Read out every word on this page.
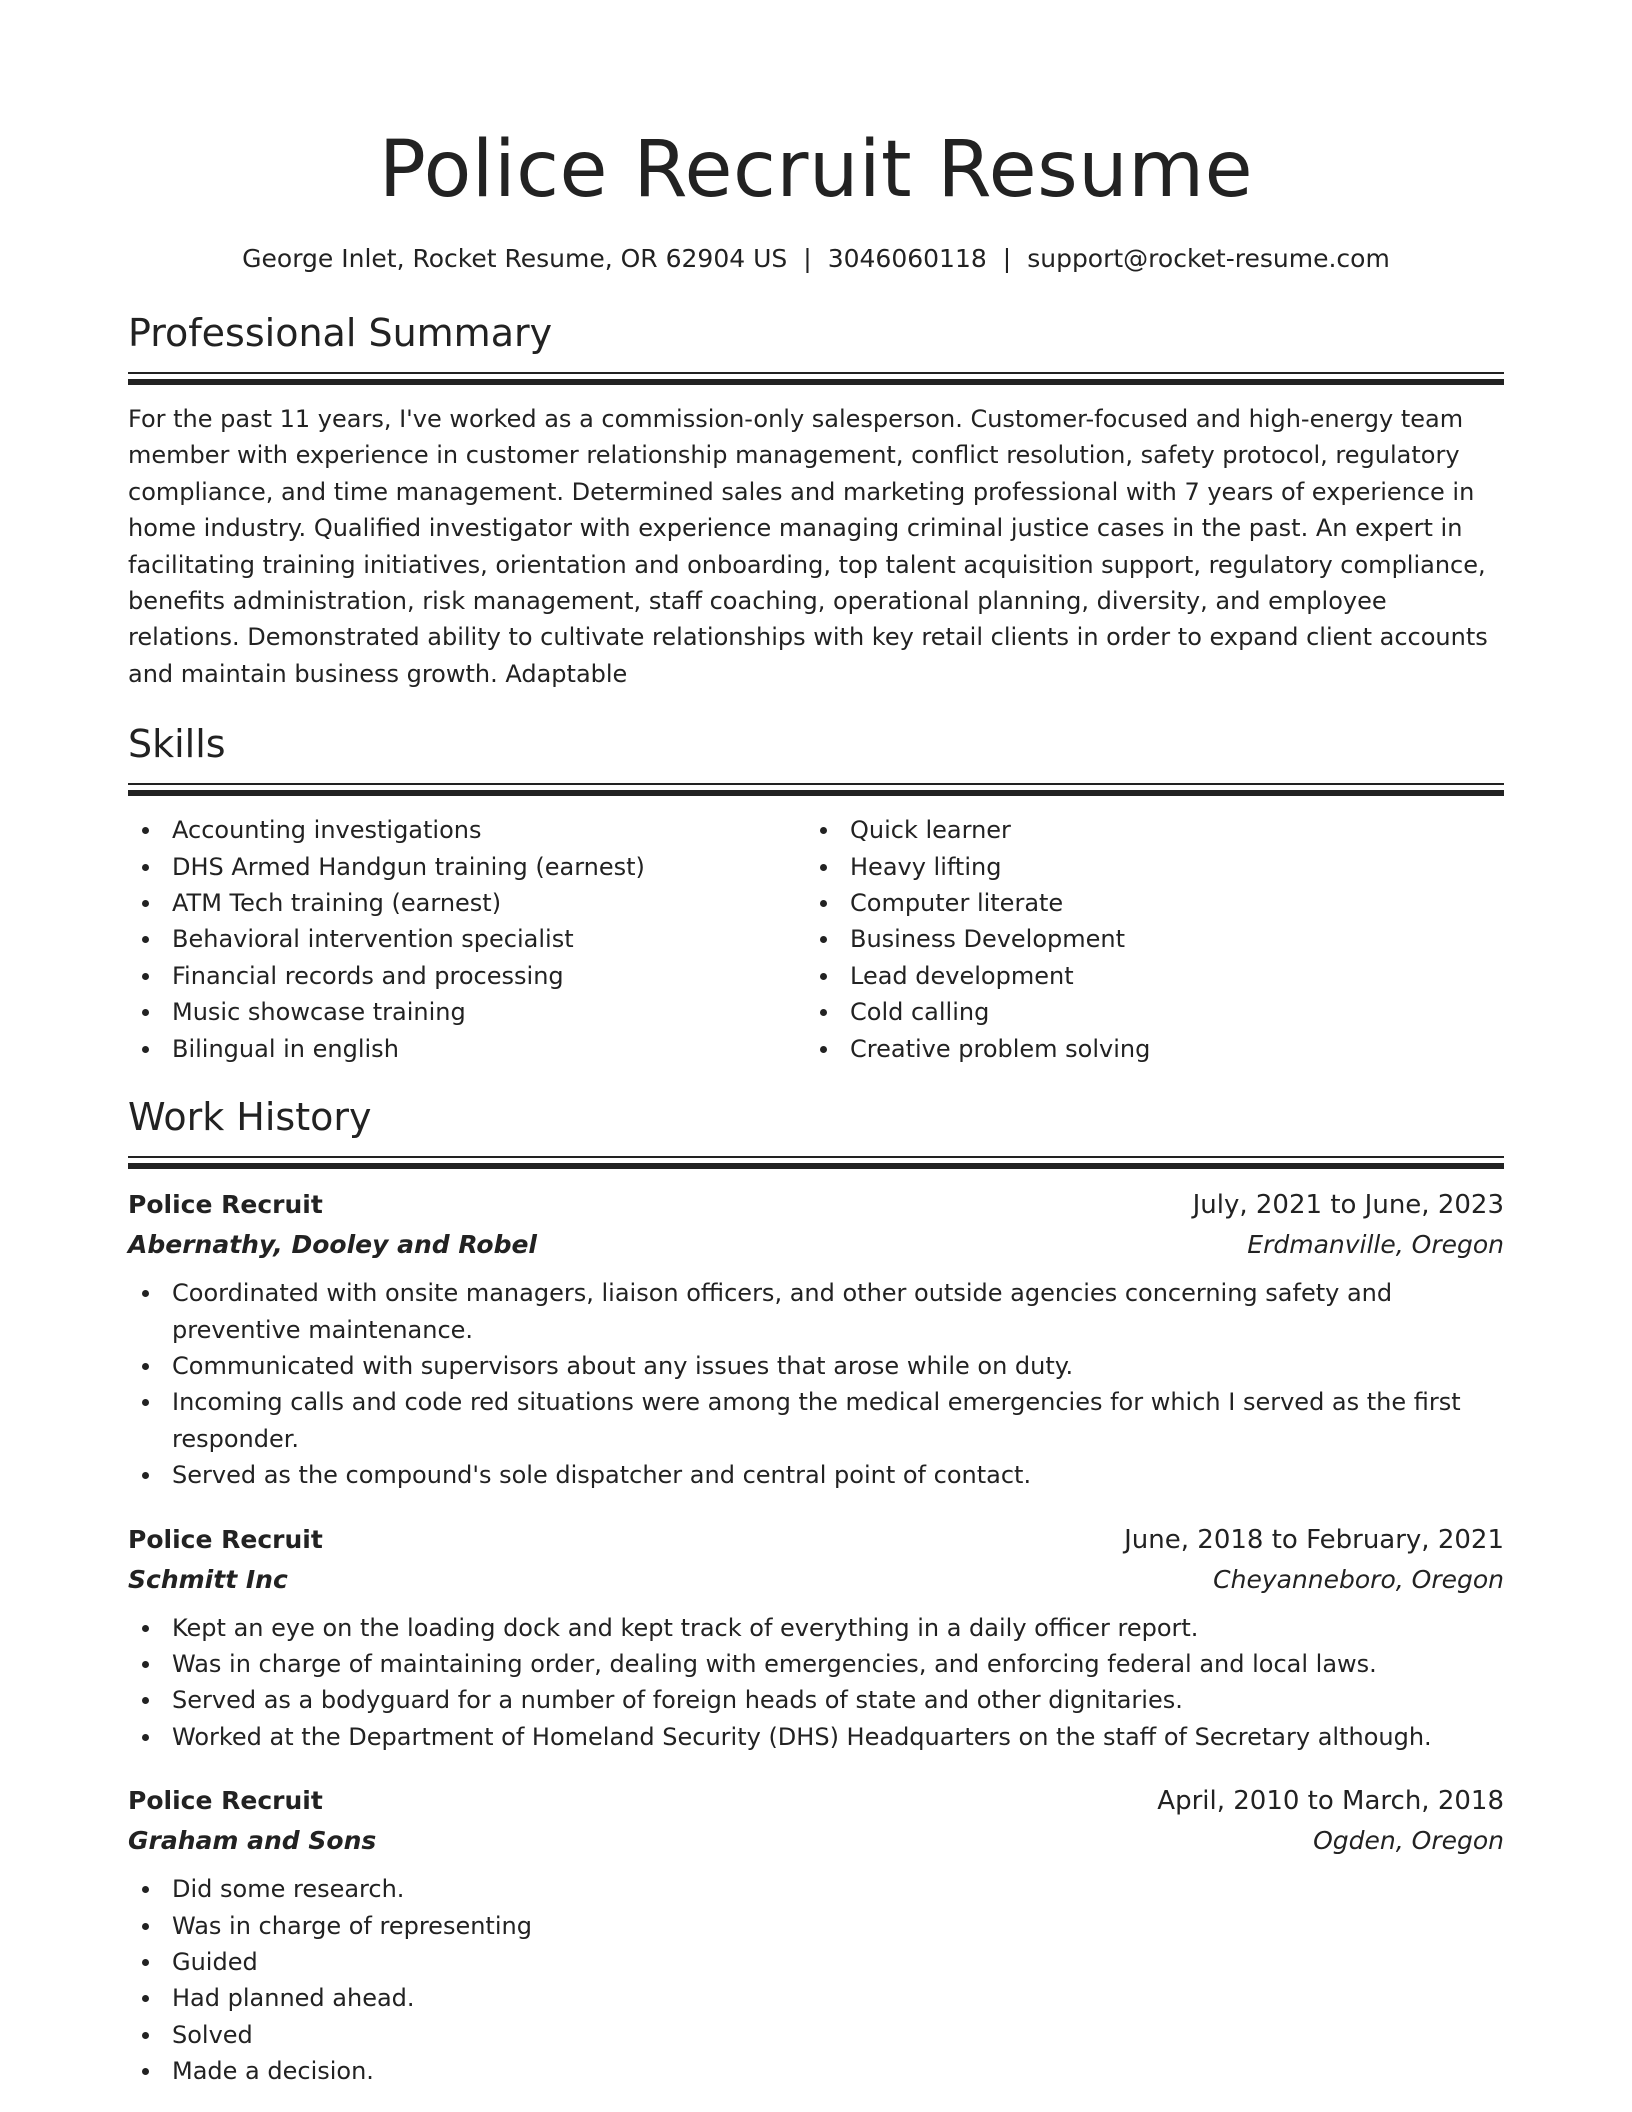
Police Recruit Resume
George Inlet, Rocket Resume, OR 62904 US | 3046060118 | support@rocket-resume.com
Professional Summary
For the past 11 years, I've worked as a commission-only salesperson. Customer-focused and high-energy team member with experience in customer relationship management, conflict resolution, safety protocol, regulatory compliance, and time management. Determined sales and marketing professional with 7 years of experience in home industry. Qualified investigator with experience managing criminal justice cases in the past. An expert in facilitating training initiatives, orientation and onboarding, top talent acquisition support, regulatory compliance, benefits administration, risk management, staff coaching, operational planning, diversity, and employee relations. Demonstrated ability to cultivate relationships with key retail clients in order to expand client accounts and maintain business growth. Adaptable
Skills
Accounting investigations
DHS Armed Handgun training (earnest)
ATM Tech training (earnest)
Behavioral intervention specialist
Financial records and processing
Music showcase training
Bilingual in english
Quick learner
Heavy lifting
Computer literate
Business Development
Lead development
Cold calling
Creative problem solving
Work History
Police Recruit	July, 2021 to June, 2023
Abernathy, Dooley and Robel	Erdmanville, Oregon
Coordinated with onsite managers, liaison officers, and other outside agencies concerning safety and preventive maintenance.
Communicated with supervisors about any issues that arose while on duty.
Incoming calls and code red situations were among the medical emergencies for which I served as the first responder.
Served as the compound's sole dispatcher and central point of contact.
Police Recruit	June, 2018 to February, 2021
Schmitt Inc	Cheyanneboro, Oregon
Kept an eye on the loading dock and kept track of everything in a daily officer report.
Was in charge of maintaining order, dealing with emergencies, and enforcing federal and local laws.
Served as a bodyguard for a number of foreign heads of state and other dignitaries.
Worked at the Department of Homeland Security (DHS) Headquarters on the staff of Secretary although.
Police Recruit	April, 2010 to March, 2018
Graham and Sons	Ogden, Oregon
Did some research.
Was in charge of representing
Guided
Had planned ahead.
Solved
Made a decision.
